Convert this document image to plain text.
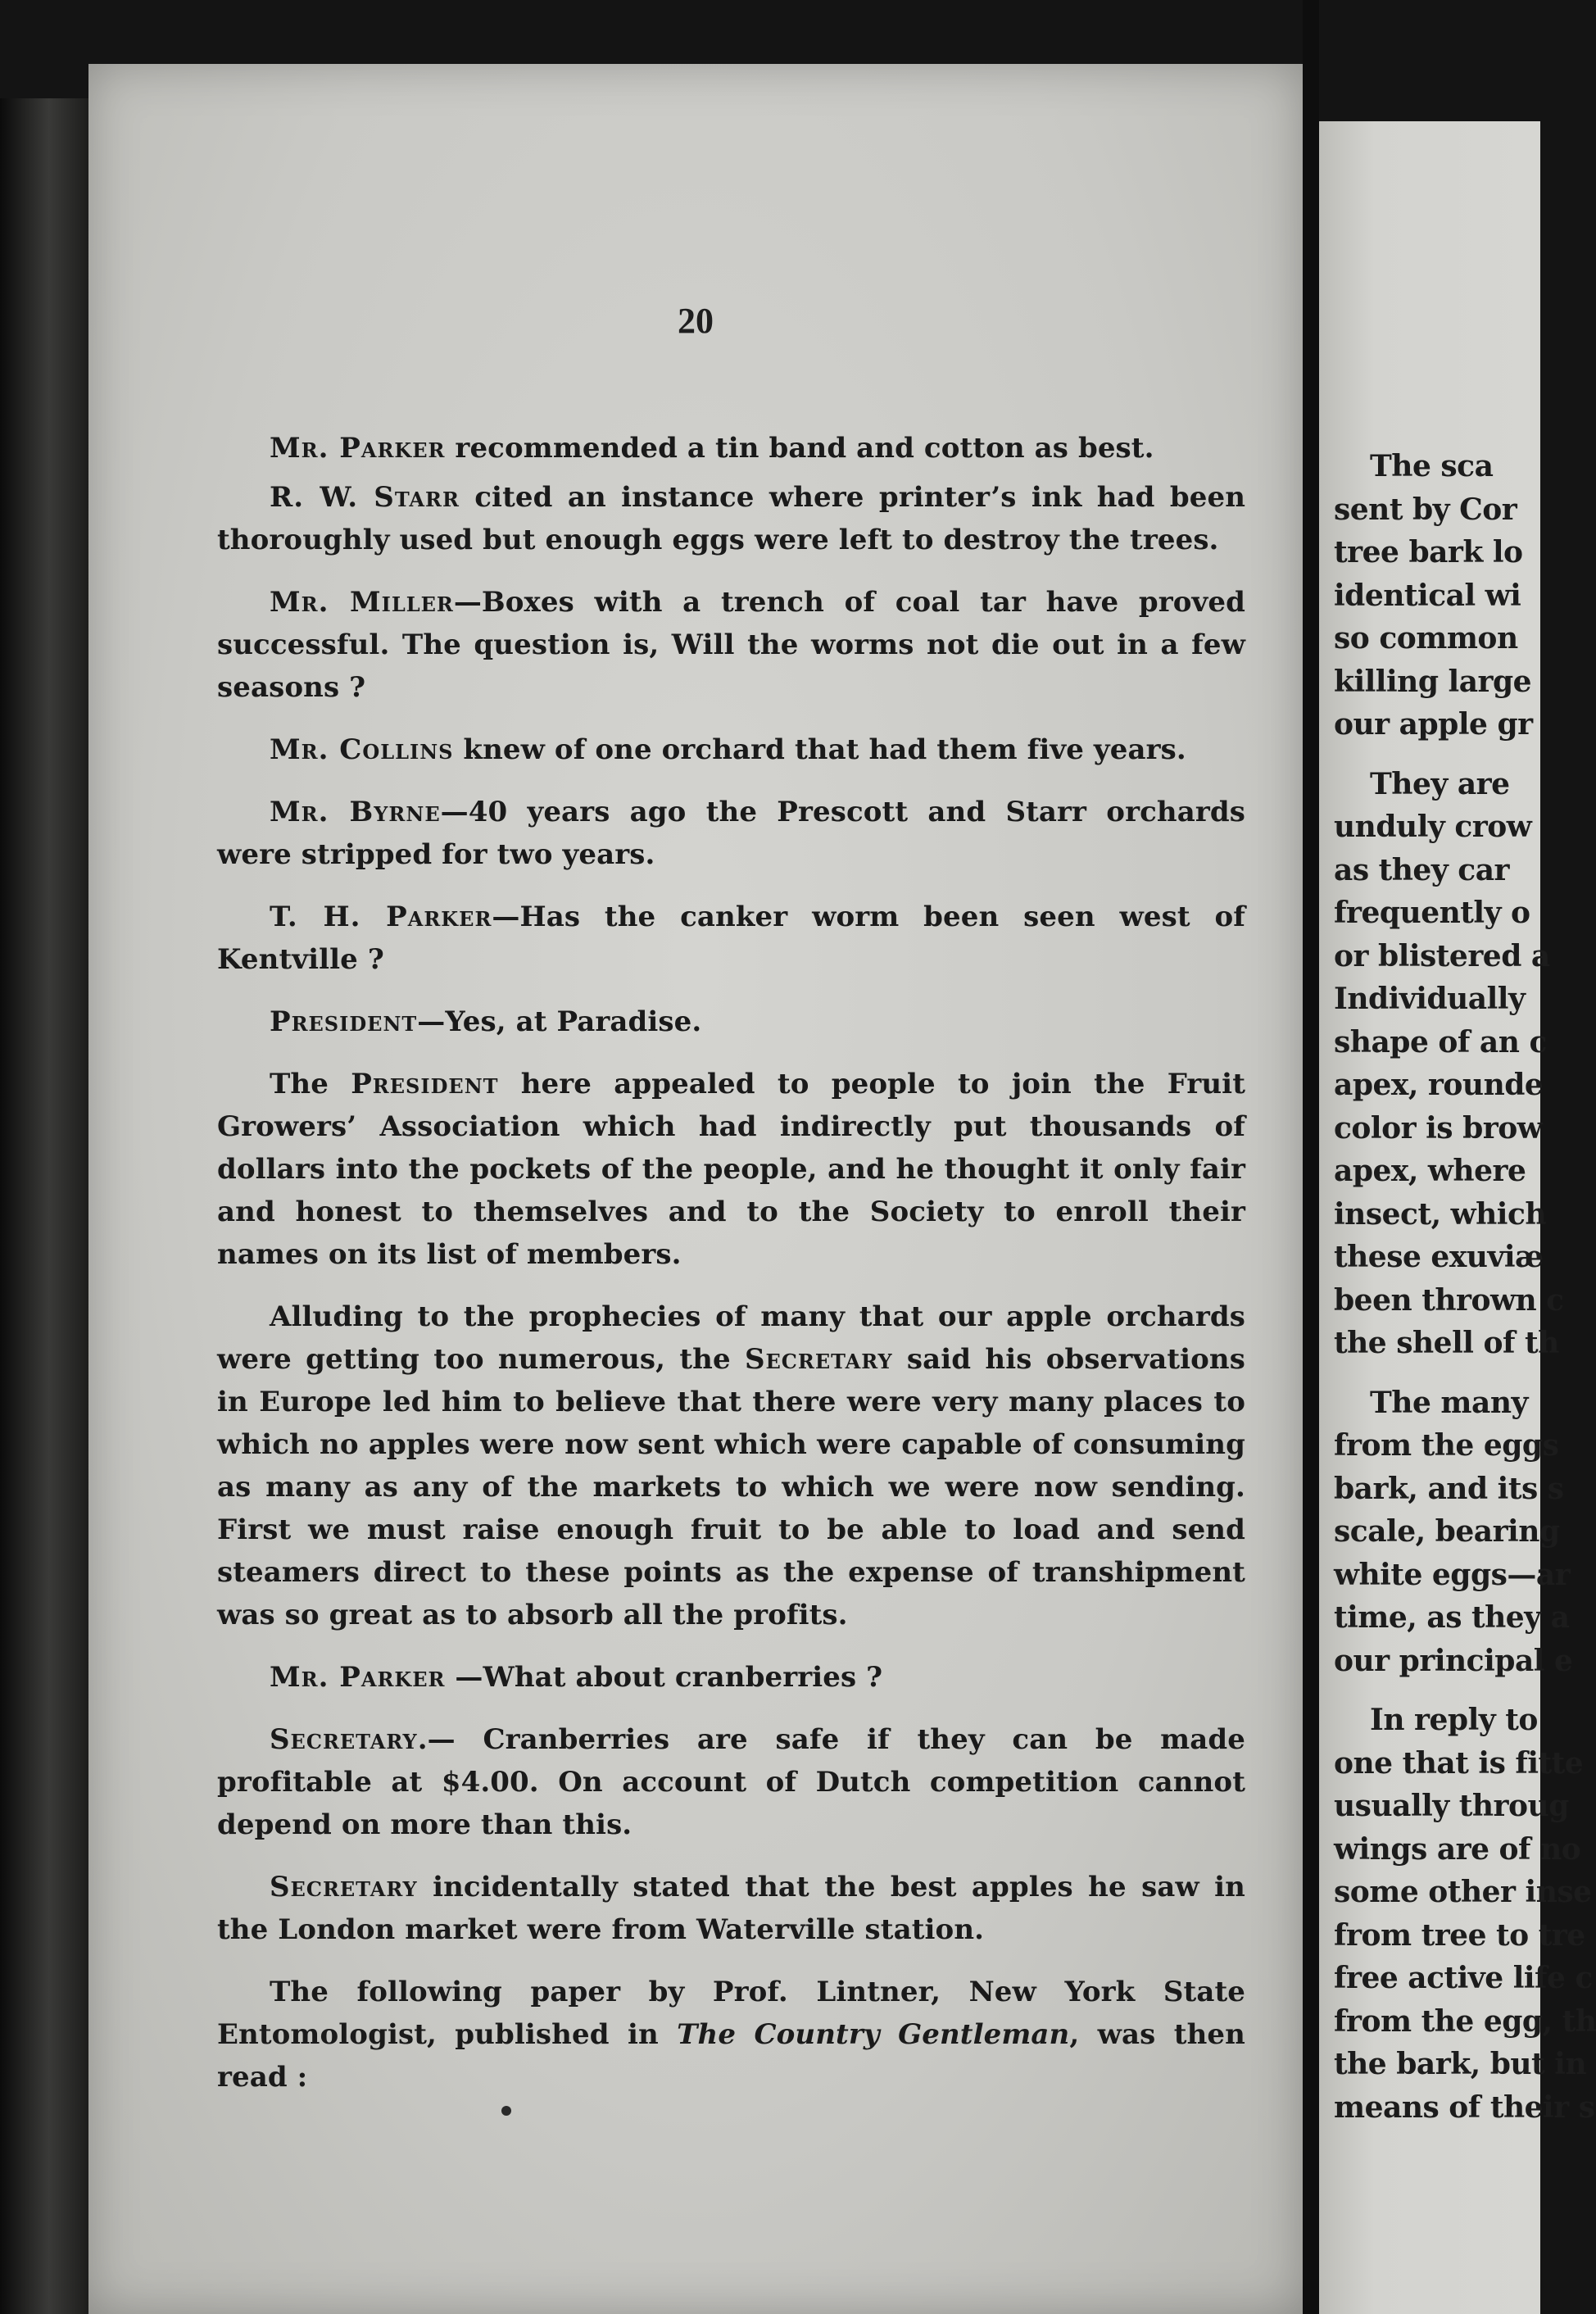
20

Mr. Parker recommended a tin band and cotton as best.

R. W. Starr cited an instance where printer’s ink had been thoroughly used but enough eggs were left to destroy the trees.

Mr. Miller—Boxes with a trench of coal tar have proved successful. The question is, Will the worms not die out in a few seasons ?

Mr. Collins knew of one orchard that had them five years.

Mr. Byrne—40 years ago the Prescott and Starr orchards were stripped for two years.

T. H. Parker—Has the canker worm been seen west of Kentville ?

President—Yes, at Paradise.

The President here appealed to people to join the Fruit Growers’ Association which had indirectly put thousands of dollars into the pockets of the people, and he thought it only fair and honest to themselves and to the Society to enroll their names on its list of members.

Alluding to the prophecies of many that our apple orchards were getting too numerous, the Secretary said his observations in Europe led him to believe that there were very many places to which no apples were now sent which were capable of consuming as many as any of the markets to which we were now sending. First we must raise enough fruit to be able to load and send steamers direct to these points as the expense of transhipment was so great as to absorb all the profits.

Mr. Parker —What about cranberries ?

Secretary.— Cranberries are safe if they can be made profitable at $4.00. On account of Dutch competition cannot depend on more than this.

Secretary incidentally stated that the best apples he saw in the London market were from Waterville station.

The following paper by Prof. Lintner, New York State Entomologist, published in The Country Gentleman, was then read :

The sca
sent by Cor
tree bark lo
identical wi
so common
killing large
our apple gr
They are
unduly crow
as they car
frequently o
or blistered a
Individually
shape of an c
apex, rounde
color is brow
apex, where
insect, which
these exuviæ
been thrown c
the shell of th
The many
from the eggs
bark, and its s
scale, bearing
white eggs—ar
time, as they a
our principal e
In reply to
one that is fitte
usually throug
wings are of no
some other inse
from tree to tre
free active life c
from the egg, th
the bark, but in
means of their s
